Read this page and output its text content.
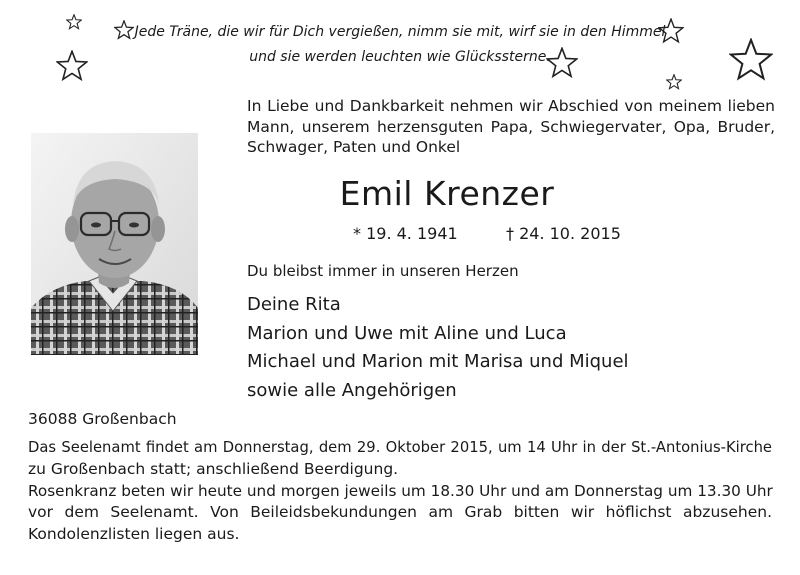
Jede Träne, die wir für Dich vergießen, nimm sie mit, wirf sie in den Himmel
und sie werden leuchten wie Glückssterne.
In Liebe und Dankbarkeit nehmen wir Abschied von meinem lieben
Mann, unserem herzensguten Papa, Schwiegervater, Opa, Bruder,
Schwager, Paten und Onkel
Emil Krenzer
* 19. 4. 1941	† 24. 10. 2015
Du bleibst immer in unseren Herzen
Deine Rita
Marion und Uwe mit Aline und Luca
Michael und Marion mit Marisa und Miquel
sowie alle Angehörigen
36088 Großenbach
Das Seelenamt findet am Donnerstag, dem 29. Oktober 2015, um 14 Uhr in der St.-Antonius-Kirche
zu Großenbach statt; anschließend Beerdigung.
Rosenkranz beten wir heute und morgen jeweils um 18.30 Uhr und am Donnerstag um 13.30 Uhr
vor dem Seelenamt. Von Beileidsbekundungen am Grab bitten wir höflichst abzusehen.
Kondolenzlisten liegen aus.
